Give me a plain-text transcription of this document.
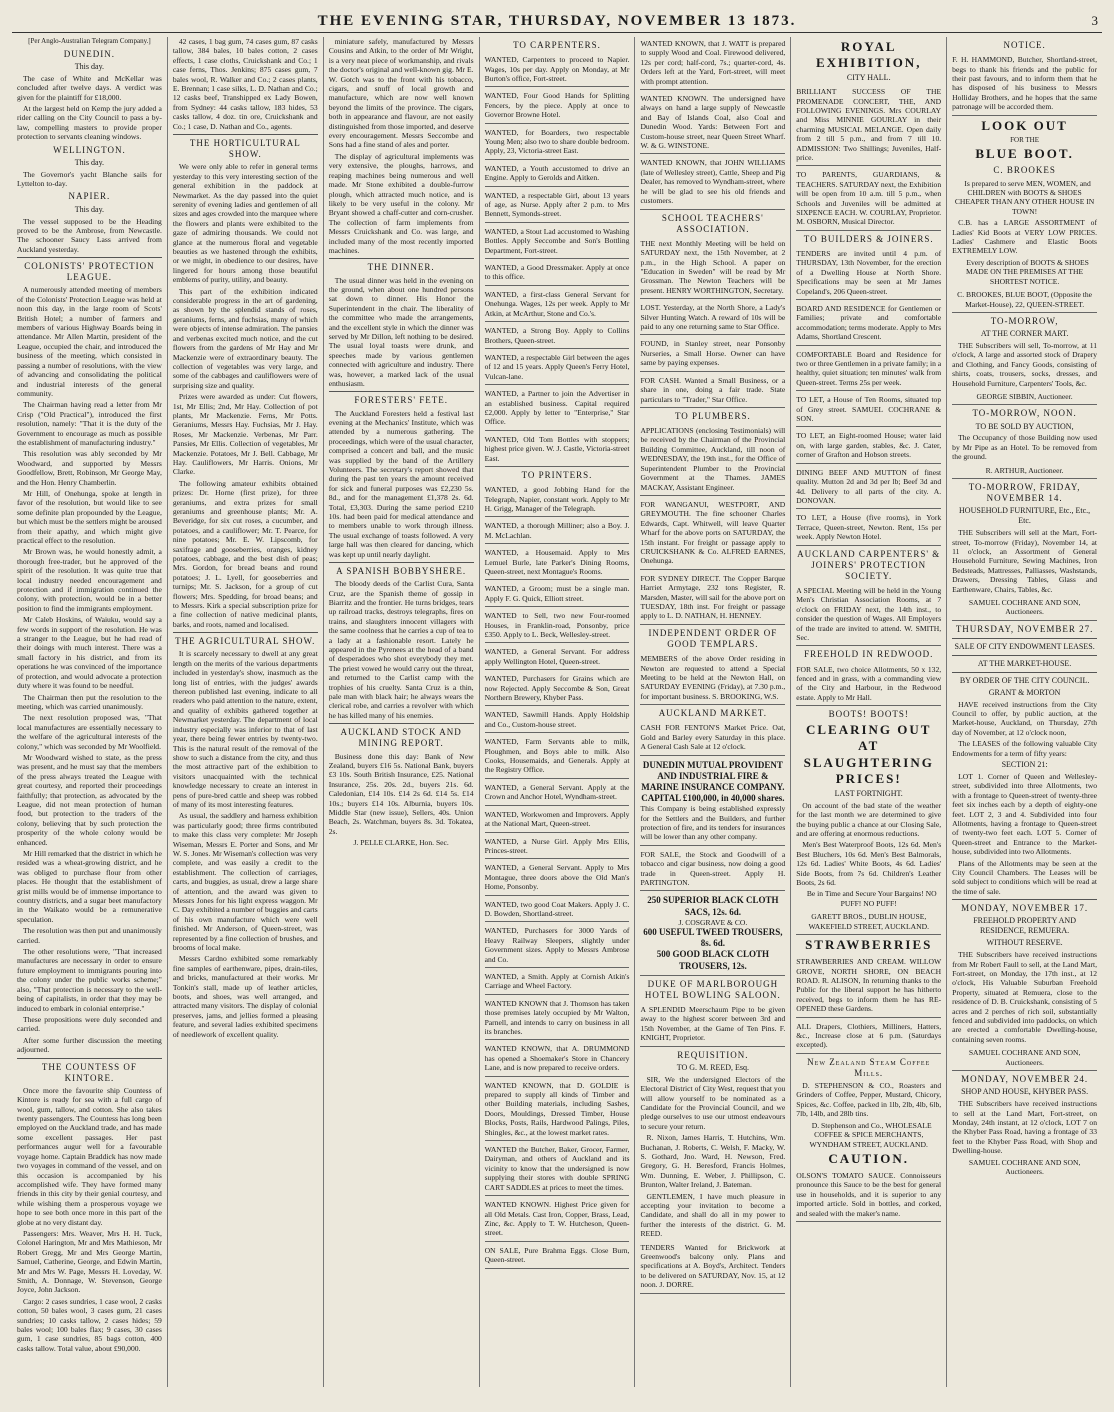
THE EVENING STAR, THURSDAY, NOVEMBER 13 1873.	3
[Per Anglo-Australian Telegram Company.]
DUNEDIN.
This day.

The case of White and McKellar was concluded after twelve days. A verdict was given for the plaintiff for £18,000.

At the largest held on Kemp the jury added a rider calling on the City Council to pass a by-law, compelling masters to provide proper protection to servants cleaning windows.

WELLINGTON.
This day.

The Governor's yacht Blanche sails for Lyttelton to-day.

NAPIER.
This day.

The vessel supposed to be the Heading proved to be the Ambrose, from Newcastle. The schooner Saucy Lass arrived from Auckland yesterday.

COLONISTS' PROTECTION LEAGUE.

A numerously attended meeting of members of the Colonists' Protection League was held at noon this day, in the large room of Scots' British Hotel; a number of farmers and members of various Highway Boards being in attendance. Mr Allen Martin, president of the League, occupied the chair, and introduced the business of the meeting, which consisted in passing a number of resolutions, with the view of advancing and consolidating the political and industrial interests of the general community.

The Chairman having read a letter from Mr Crisp ("Old Practical"), introduced the first resolution, namely: "That it is the duty of the Government to encourage as much as possible the establishment of manufacturing industry."

This resolution was ably seconded by Mr Woodward, and supported by Messrs Goodfellow, Brett, Robinson, Mr George May, and the Hon. Henry Chamberlin.

Mr Hill, of Onehunga, spoke at length in favor of the resolution, but would like to see some definite plan propounded by the League, but which must be the settlers might be aroused from their apathy, and which might give practical effect to the resolution.

Mr Brown was, he would honestly admit, a thorough free-trader, but he approved of the spirit of the resolution. It was quite true that local industry needed encouragement and protection and if immigration continued the colony, with protection, would be in a better position to find the immigrants employment.

Mr Caleb Hoskins, of Waiuku, would say a few words in support of the resolution. He was a stranger to the League, but he had read of their doings with much interest. There was a small factory in his district, and from its operations he was convinced of the importance of protection, and would advocate a protection duty where it was found to be needful.

The Chairman then put the resolution to the meeting, which was carried unanimously.

The next resolution proposed was, "That local manufactures are essentially necessary to the welfare of the agricultural interests of the colony," which was seconded by Mr Woolfield.

Mr Woodward wished to state, as the press was present, and he must say that the members of the press always treated the League with great courtesy, and reported their proceedings faithfully; that protection, as advocated by the League, did not mean protection of human food, but protection to the traders of the colony, believing that by such protection the prosperity of the whole colony would be enhanced.

Mr Hill remarked that the district in which he resided was a wheat-growing district, and he was obliged to purchase flour from other places. He thought that the establishment of grist mills would be of immense importance to country districts, and a sugar beet manufactory in the Waikato would be a remunerative speculation.

The resolution was then put and unanimously carried.

The other resolutions were, "That increased manufactures are necessary in order to ensure future employment to immigrants pouring into the colony under the public works scheme;" also, "That protection is necessary to the well-being of capitalists, in order that they may be induced to embark in colonial enterprise."

These propositions were duly seconded and carried.

After some further discussion the meeting adjourned.

THE COUNTESS OF KINTORE.

Once more the favourite ship Countess of Kintore is ready for sea with a full cargo of wool, gum, tallow, and cotton. She also takes twenty passengers. The Countess has long been employed on the Auckland trade, and has made some excellent passages. Her past performances augur well for a favourable voyage home. Captain Braddick has now made two voyages in command of the vessel, and on this occasion is accompanied by his accomplished wife. They have formed many friends in this city by their genial courtesy, and while wishing them a prosperous voyage we hope to see both once more in this part of the globe at no very distant day.

Passengers: Mrs. Weaver, Mrs H. H. Tuck, Colonel Harington, Mr and Mrs Mathieson, Mr Robert Gregg, Mr and Mrs George Martin, Samuel, Catherine, George, and Edwin Martin, Mr and Mrs W. Page, Messrs H. Loveday, W. Smith, A. Donnage, W. Stevenson, George Joyce, John Jackson.

Cargo: 2 cases sundries, 1 case wool, 2 casks cotton, 50 bales wool, 3 cases gum, 21 cases sundries; 10 casks tallow, 2 cases hides; 59 bales wool; 100 bales flax; 9 cases, 30 cases gum, 1 case sundries, 85 bags cotton, 400 casks tallow. Total value, about £90,000.

42 cases, 1 bag gum, 74 cases gum, 87 casks tallow, 384 bales, 10 bales cotton, 2 cases effects, 1 case cloths, Cruickshank and Co.; 1 case ferns, Thos. Jenkins; 875 cases gum, 7 bales wool, R. Walker and Co.; 2 cases plants, E. Brennan; 1 case silks, L. D. Nathan and Co.; 12 casks beef, Transhipped ex Lady Bowen, from Sydney: 44 casks tallow, 183 hides, 53 casks tallow, 4 doz. tin ore, Cruickshank and Co.; 1 case, D. Nathan and Co., agents.

THE HORTICULTURAL SHOW.

We were only able to refer in general terms yesterday to this very interesting section of the general exhibition in the paddock at Newmarket. As the day passed into the quiet serenity of evening ladies and gentlemen of all sizes and ages crowded into the marquee where the flowers and plants were exhibited to the gaze of admiring thousands. We could not glance at the numerous floral and vegetable beauties as we hastened through the exhibits, or we might, in obedience to our desires, have lingered for hours among those beautiful emblems of purity, utility, and beauty.

This part of the exhibition indicated considerable progress in the art of gardening, as shown by the splendid stands of roses, geraniums, ferns, and fuchsias, many of which were objects of intense admiration. The pansies and verbenas excited much notice, and the cut flowers from the gardens of Mr Hay and Mr Mackenzie were of extraordinary beauty. The collection of vegetables was very large, and some of the cabbages and cauliflowers were of surprising size and quality.

Prizes were awarded as under: Cut flowers, 1st, Mr Ellis; 2nd, Mr Hay. Collection of pot plants, Mr Mackenzie. Ferns, Mr Potts. Geraniums, Messrs Hay. Fuchsias, Mr J. Hay. Roses, Mr Mackenzie. Verbenas, Mr Parr. Pansies, Mr Ellis. Collection of vegetables, Mr Mackenzie. Potatoes, Mr J. Bell. Cabbage, Mr Hay. Cauliflowers, Mr Harris. Onions, Mr Clarke.

The following amateur exhibits obtained prizes: Dr. Horne (first prize), for three geraniums, and extra prizes for small geraniums and greenhouse plants; Mr. A. Beveridge, for six cut roses, a cucumber, and potatoes, and a cauliflower; Mr. T. Pearce, for nine potatoes; Mr. E. W. Lipscomb, for saxifrage and gooseberries, oranges, kidney potatoes, cabbage, and the best dish of peas; Mrs. Gordon, for bread beans and round potatoes; J. L. Lyell, for gooseberries and turnips; Mr. S. Jackson, for a group of cut flowers; Mrs. Spedding, for broad beans; and to Messrs. Kirk a special subscription prize for a fine collection of native medicinal plants, barks, and roots, named and localised.

THE AGRICULTURAL SHOW.

It is scarcely necessary to dwell at any great length on the merits of the various departments included in yesterday's show, inasmuch as the long list of entries, with the judges' awards thereon published last evening, indicate to all readers who paid attention to the nature, extent, and quality of exhibits gathered together at Newmarket yesterday. The department of local industry especially was inferior to that of last year, there being fewer entries by twenty-two. This is the natural result of the removal of the show to such a distance from the city, and thus the most attractive part of the exhibition to visitors unacquainted with the technical knowledge necessary to create an interest in pens of pure-bred cattle and sheep was robbed of many of its most interesting features.

As usual, the saddlery and harness exhibition was particularly good; three firms contributed to make this class very complete: Mr Joseph Wiseman, Messrs E. Porter and Sons, and Mr W. S. Jones. Mr Wiseman's collection was very complete, and was easily a credit to the establishment. The collection of carriages, carts, and buggies, as usual, drew a large share of attention, and the award was given to Messrs Jones for his light express waggon. Mr C. Day exhibited a number of buggies and carts of his own manufacture which were well finished. Mr Anderson, of Queen-street, was represented by a fine collection of brushes, and brooms of local make.

Messrs Cardno exhibited some remarkably fine samples of earthenware, pipes, drain-tiles, and bricks, manufactured at their works. Mr Tonkin's stall, made up of leather articles, boots, and shoes, was well arranged, and attracted many visitors. The display of colonial preserves, jams, and jellies formed a pleasing feature, and several ladies exhibited specimens of needlework of excellent quality.

miniature safely, manufactured by Messrs Cousins and Atkin, to the order of Mr Wright, is a very neat piece of workmanship, and rivals the doctor's original and well-known gig. Mr E. W. Gotch was to the front with his tobacco, cigars, and snuff of local growth and manufacture, which are now well known beyond the limits of the province. The cigars, both in appearance and flavour, are not easily distinguished from those imported, and deserve every encouragement. Messrs Seccombe and Sons had a fine stand of ales and porter.

The display of agricultural implements was very extensive, the ploughs, harrows, and reaping machines being numerous and well made. Mr Stone exhibited a double-furrow plough, which attracted much notice, and is likely to be very useful in the colony. Mr Bryant showed a chaff-cutter and corn-crusher. The collection of farm implements from Messrs Cruickshank and Co. was large, and included many of the most recently imported machines.

THE DINNER.

The usual dinner was held in the evening on the ground, when about one hundred persons sat down to dinner. His Honor the Superintendent in the chair. The liberality of the committee who made the arrangements, and the excellent style in which the dinner was served by Mr Dillon, left nothing to be desired. The usual loyal toasts were drunk, and speeches made by various gentlemen connected with agriculture and industry. There was, however, a marked lack of the usual enthusiasm.

FORESTERS' FETE.

The Auckland Foresters held a festival last evening at the Mechanics' Institute, which was attended by a numerous gathering. The proceedings, which were of the usual character, comprised a concert and ball, and the music was supplied by the band of the Artillery Volunteers. The secretary's report showed that during the past ten years the amount received for sick and funeral purposes was £2,230 5s. 8d., and for the management £1,378 2s. 6d. Total, £3,303. During the same period £210 10s. had been paid for medical attendance and to members unable to work through illness. The usual exchange of toasts followed. A very large hall was then cleared for dancing, which was kept up until nearly daylight.

A SPANISH BOBBYSHERE.

The bloody deeds of the Carlist Cura, Santa Cruz, are the Spanish theme of gossip in Biarritz and the frontier. He turns bridges, tears up railroad tracks, destroys telegraphs, fires on trains, and slaughters innocent villagers with the same coolness that he carries a cup of tea to a lady at a fashionable resort. Lately he appeared in the Pyrenees at the head of a band of desperadoes who shot everybody they met. The priest vowed he would carry out the threat, and returned to the Carlist camp with the trophies of his cruelty. Santa Cruz is a thin, pale man with black hair; he always wears the clerical robe, and carries a revolver with which he has killed many of his enemies.

AUCKLAND STOCK AND MINING REPORT.

Business done this day: Bank of New Zealand, buyers £16 5s. National Bank, buyers £3 10s. South British Insurance, £25. National Insurance, 25s. 20s. 2d., buyers 21s. 6d. Caledonian, £14 10s. £14 2s 6d. £14 5s. £14 10s.; buyers £14 10s. Alburnia, buyers 10s. Middle Star (new issue), Sellers, 40s. Union Beach, 2s. Watchman, buyers 8s. 3d. Tokatea, 2s.

J. PELLE CLARKE, Hon. Sec.
TO CARPENTERS.
WANTED, Carpenters to proceed to Napier. Wages, 10s per day. Apply on Monday, at Mr Burton's office, Fort-street.
WANTED, Four Good Hands for Splitting Fencers, by the piece. Apply at once to Governor Browne Hotel.
WANTED, for Boarders, two respectable Young Men; also two to share double bedroom. Apply, 23, Victoria-street East.
WANTED, a Youth accustomed to drive an Engine. Apply to Gerolds and Aitken.
WANTED, a respectable Girl, about 13 years of age, as Nurse. Apply after 2 p.m. to Mrs Bennett, Symonds-street.
WANTED, a Stout Lad accustomed to Washing Bottles. Apply Seccombe and Son's Bottling Department, Fort-street.
WANTED, a Good Dressmaker. Apply at once to this office.
WANTED, a first-class General Servant for Onehunga. Wages, 12s per week. Apply to Mr Atkin, at McArthur, Stone and Co.'s.
WANTED, a Strong Boy. Apply to Collins Brothers, Queen-street.
WANTED, a respectable Girl between the ages of 12 and 15 years. Apply Queen's Ferry Hotel, Vulcan-lane.
WANTED, a Partner to join the Advertiser in an established business. Capital required £2,000. Apply by letter to "Enterprise," Star Office.
WANTED, Old Tom Bottles with stoppers; highest price given. W. J. Castle, Victoria-street East.
TO PRINTERS.
WANTED, a good Jobbing Hand for the Telegraph, Napier, constant work. Apply to Mr H. Grigg, Manager of the Telegraph.
WANTED, a thorough Milliner; also a Boy. J. M. McLachlan.
WANTED, a Housemaid. Apply to Mrs Lemuel Burle, late Parker's Dining Rooms, Queen-street, next Montague's Rooms.
WANTED, a Groom; must be a single man. Apply F. G. Quick, Elliott street.
WANTED to Sell, two new Four-roomed Houses, in Franklin-road, Ponsonby, price £350. Apply to L. Beck, Wellesley-street.
WANTED, a General Servant. For address apply Wellington Hotel, Queen-street.
WANTED, Purchasers for Grains which are now Rejected. Apply Seccombe & Son, Great Northern Brewery, Khyber Pass.
WANTED, Sawmill Hands. Apply Holdship and Co., Custom-house street.
WANTED, Farm Servants able to milk, Ploughmen, and Boys able to milk. Also Cooks, Housemaids, and Generals. Apply at the Registry Office.
WANTED, a General Servant. Apply at the Crown and Anchor Hotel, Wyndham-street.
WANTED, Workwomen and Improvers. Apply at the National Mart, Queen-street.
WANTED, a Nurse Girl. Apply Mrs Ellis, Princes-street.
WANTED, a General Servant. Apply to Mrs Montague, three doors above the Old Man's Home, Ponsonby.
WANTED, two good Coat Makers. Apply J. C. D. Bowden, Shortland-street.
WANTED, Purchasers for 3000 Yards of Heavy Railway Sleepers, slightly under Government sizes. Apply to Messrs Ambrose and Co.
WANTED, a Smith. Apply at Cornish Atkin's Carriage and Wheel Factory.
WANTED KNOWN that J. Thomson has taken those premises lately occupied by Mr Walton, Parnell, and intends to carry on business in all its branches.
WANTED KNOWN, that A. DRUMMOND has opened a Shoemaker's Store in Chancery Lane, and is now prepared to receive orders.
WANTED KNOWN, that D. GOLDIE is prepared to supply all kinds of Timber and other Building materials, including Sashes, Doors, Mouldings, Dressed Timber, House Blocks, Posts, Rails, Hardwood Palings, Piles, Shingles, &c., at the lowest market rates.
WANTED the Butcher, Baker, Grocer, Farmer, Dairyman, and others of Auckland and its vicinity to know that the undersigned is now supplying their stores with double SPRING CART SADDLES at prices to meet the times.
WANTED KNOWN. Highest Price given for all Old Metals. Cast Iron, Copper, Brass, Lead, Zinc, &c. Apply to T. W. Hutcheson, Queen-street.
ON SALE, Pure Brahma Eggs. Close Burn, Queen-street.
WANTED KNOWN, that J. WATT is prepared to supply Wood and Coal. Firewood delivered, 12s per cord; half-cord, 7s.; quarter-cord, 4s. Orders left at the Yard, Fort-street, will meet with prompt attention.
WANTED KNOWN. The undersigned have always on hand a large supply of Newcastle and Bay of Islands Coal, also Coal and Dunedin Wood. Yards: Between Fort and Custom-house street, near Queen Street Wharf. W. & G. WINSTONE.
WANTED KNOWN, that JOHN WILLIAMS (late of Wellesley street), Cattle, Sheep and Pig Dealer, has removed to Wyndham-street, where he will be glad to see his old friends and customers.
SCHOOL TEACHERS' ASSOCIATION.
THE next Monthly Meeting will be held on SATURDAY next, the 15th November, at 2 p.m., in the High School. A paper on "Education in Sweden" will be read by Mr Grossman. The Newton Teachers will be present. HENRY WORTHINGTON, Secretary.
LOST. Yesterday, at the North Shore, a Lady's Silver Hunting Watch. A reward of 10s will be paid to any one returning same to Star Office.
FOUND, in Stanley street, near Ponsonby Nurseries, a Small Horse. Owner can have same by paying expenses.
FOR CASH. Wanted a Small Business, or a share in one, doing a fair trade. State particulars to "Trader," Star Office.
TO PLUMBERS.
APPLICATIONS (enclosing Testimonials) will be received by the Chairman of the Provincial Building Committee, Auckland, till noon of WEDNESDAY, the 19th inst., for the Office of Superintendent Plumber to the Provincial Government at the Thames. JAMES MACKAY, Assistant Engineer.
FOR WANGANUI, WESTPORT, AND GREYMOUTH. The fine schooner Charles Edwards, Capt. Whitwell, will leave Quarter Wharf for the above ports on SATURDAY, the 15th instant. For freight or passage apply to CRUICKSHANK & Co. ALFRED EARNES, Onehunga.
FOR SYDNEY DIRECT. The Copper Barque Harriet Armytage, 232 tons Register, R. Marsden, Master, will sail for the above port on TUESDAY, 18th inst. For freight or passage apply to L. D. NATHAN, H. HENNEY.
INDEPENDENT ORDER OF GOOD TEMPLARS.
MEMBERS of the above Order residing in Newton are requested to attend a Special Meeting to be held at the Newton Hall, on SATURDAY EVENING (Friday), at 7.30 p.m., for important business. S. BROOKING, W.S.
AUCKLAND MARKET.
CASH FOR FENTON'S Market Price. Oat, Gold and Barley every Saturday in this place. A General Cash Sale at 12 o'clock.
DUNEDIN MUTUAL PROVIDENT AND INDUSTRIAL FIRE & MARINE INSURANCE COMPANY. CAPITAL £100,000, in 40,000 shares.
This Company is being established expressly for the Settlers and the Builders, and further protection of fire, and its tenders for insurances will be lower than any other company.
FOR SALE, the Stock and Goodwill of a tobacco and cigar business, now doing a good trade in Queen-street. Apply H. PARTINGTON.
250 SUPERIOR BLACK CLOTH SACS, 12s. 6d.
J. COSGRAVE & CO.
600 USEFUL TWEED TROUSERS, 8s. 6d.
500 GOOD BLACK CLOTH TROUSERS, 12s.
DUKE OF MARLBOROUGH HOTEL BOWLING SALOON.
A SPLENDID Meerschaum Pipe to be given away to the highest scorer between 3rd and 15th November, at the Game of Ten Pins. F. KNIGHT, Proprietor.
REQUISITION.
TO G. M. REED, Esq.

SIR, We the undersigned Electors of the Electoral District of City West, request that you will allow yourself to be nominated as a Candidate for the Provincial Council, and we pledge ourselves to use our utmost endeavours to secure your return.

R. Nixon, James Harris, T. Hutchins, Wm. Buchanan, J. Roberts, C. Welsh, F. Macky, W. S. Gothard, Jno. Ward, H. Newson, Fred. Gregory, G. H. Beresford, Francis Holmes, Wm. Dunning, E. Weber, J. Phillipson, C. Brunton, Walter Ireland, J. Bateman.

GENTLEMEN, I have much pleasure in accepting your invitation to become a Candidate, and shall do all in my power to further the interests of the district. G. M. REED.

TENDERS Wanted for Brickwork at Greenwood's balcony only. Plans and specifications at A. Boyd's, Architect. Tenders to be delivered on SATURDAY, Nov. 15, at 12 noon. J. DORRE.
ROYAL EXHIBITION,
CITY HALL.
BRILLIANT SUCCESS OF THE PROMENADE CONCERT, THE, AND FOLLOWING EVENINGS. Mrs COURLAY and Miss MINNIE GOURLAY in their charming MUSICAL MELANGE. Open daily from 2 till 5 p.m., and from 7 till 10. ADMISSION: Two Shillings; Juveniles, Half-price.
TO PARENTS, GUARDIANS, & TEACHERS. SATURDAY next, the Exhibition will be open from 10 a.m. till 5 p.m., when Schools and Juveniles will be admitted at SIXPENCE EACH. W. COURLAY, Proprietor. M. OSBORN, Musical Director.
TO BUILDERS & JOINERS.
TENDERS are invited until 4 p.m. of THURSDAY, 13th November, for the erection of a Dwelling House at North Shore. Specifications may be seen at Mr James Copeland's, 206 Queen-street.
BOARD AND RESIDENCE for Gentlemen or Families; private and comfortable accommodation; terms moderate. Apply to Mrs Adams, Shortland Crescent.
COMFORTABLE Board and Residence for two or three Gentlemen in a private family; in a healthy, quiet situation; ten minutes' walk from Queen-street. Terms 25s per week.
TO LET, a House of Ten Rooms, situated top of Grey street. SAMUEL COCHRANE & SON.
TO LET, an Eight-roomed House; water laid on, with large garden, stables, &c. J. Cater, corner of Grafton and Hobson streets.
DINING BEEF AND MUTTON of finest quality. Mutton 2d and 3d per lb; Beef 3d and 4d. Delivery to all parts of the city. A. DONOVAN.
TO LET, a House (five rooms), in York Terrace, Queen-street, Newton. Rent, 15s per week. Apply Newton Hotel.
AUCKLAND CARPENTERS' & JOINERS' PROTECTION SOCIETY.
A SPECIAL Meeting will be held in the Young Men's Christian Association Rooms, at 7 o'clock on FRIDAY next, the 14th inst., to consider the question of Wages. All Employers of the trade are invited to attend. W. SMITH, Sec.
FREEHOLD IN REDWOOD.
FOR SALE, two choice Allotments, 50 x 132, fenced and in grass, with a commanding view of the City and Harbour, in the Redwood estate. Apply to Mr Hall.
BOOTS! BOOTS!
CLEARING OUT AT SLAUGHTERING PRICES!
LAST FORTNIGHT.

On account of the bad state of the weather for the last month we are determined to give the buying public a chance at our Closing Sale, and are offering at enormous reductions.

Men's Best Waterproof Boots, 12s 6d. Men's Best Bluchers, 10s 6d. Men's Best Balmorals, 12s 6d. Ladies' White Boots, 4s 6d. Ladies' Side Boots, from 7s 6d. Children's Leather Boots, 2s 6d.

Be in Time and Secure Your Bargains! NO PUFF! NO PUFF!

GARETT BROS., DUBLIN HOUSE, WAKEFIELD STREET, AUCKLAND.
STRAWBERRIES
STRAWBERRIES AND CREAM. WILLOW GROVE, NORTH SHORE, ON BEACH ROAD. R. ALISON, In returning thanks to the Public for the liberal support he has hitherto received, begs to inform them he has RE-OPENED these Gardens.
ALL Drapers, Clothiers, Milliners, Hatters, &c., Increase close at 6 p.m. (Saturdays excepted).
New Zealand Steam Coffee Mills.

D. STEPHENSON & CO., Roasters and Grinders of Coffee, Pepper, Mustard, Chicory, Spices, &c. Coffee, packed in 1lb, 2lb, 4lb, 6lb, 7lb, 14lb, and 28lb tins.

D. Stephenson and Co., WHOLESALE COFFEE & SPICE MERCHANTS, WYNDHAM STREET, AUCKLAND.

CAUTION.
OLSON'S TOMATO SAUCE. Connoisseurs pronounce this Sauce to be the best for general use in households, and it is superior to any imported article. Sold in bottles, and corked, and sealed with the maker's name.
NOTICE.
F. H. HAMMOND, Butcher, Shortland-street, begs to thank his friends and the public for their past favours, and to inform them that he has disposed of his business to Messrs Holliday Brothers, and he hopes that the same patronage will be accorded them.
LOOK OUT
FOR THE
BLUE BOOT.
C. BROOKES

Is prepared to serve MEN, WOMEN, and CHILDREN with BOOTS & SHOES CHEAPER THAN ANY OTHER HOUSE IN TOWN!

C.B. has a LARGE ASSORTMENT of Ladies' Kid Boots at VERY LOW PRICES. Ladies' Cashmere and Elastic Boots EXTREMELY LOW.

Every description of BOOTS & SHOES MADE ON THE PREMISES AT THE SHORTEST NOTICE.

C. BROOKES, BLUE BOOT, (Opposite the Market-House), 22, QUEEN-STREET.
TO-MORROW,
AT THE CORNER MART.

THE Subscribers will sell, To-morrow, at 11 o'clock, A large and assorted stock of Drapery and Clothing, and Fancy Goods, consisting of shirts, coats, trousers, socks, dresses, and Household Furniture, Carpenters' Tools, &c.

GEORGE SIBBIN, Auctioneer.
TO-MORROW, NOON.
TO BE SOLD BY AUCTION,

The Occupancy of those Building now used by Mr Pipe as an Hotel. To be removed from the ground.

R. ARTHUR, Auctioneer.
TO-MORROW, FRIDAY, NOVEMBER 14.
HOUSEHOLD FURNITURE, Etc., Etc., Etc.

THE Subscribers will sell at the Mart, Fort-street, To-morrow (Friday), November 14, at 11 o'clock, an Assortment of General Household Furniture, Sewing Machines, Iron Bedsteads, Mattresses, Palliasses, Washstands, Drawers, Dressing Tables, Glass and Earthenware, Chairs, Tables, &c.

SAMUEL COCHRANE AND SON, Auctioneers.
THURSDAY, NOVEMBER 27.
SALE OF CITY ENDOWMENT LEASES.
AT THE MARKET-HOUSE.
BY ORDER OF THE CITY COUNCIL.
GRANT & MORTON

HAVE received instructions from the City Council to offer, by public auction, at the Market-house, Auckland, on Thursday, 27th day of November, at 12 o'clock noon,

The LEASES of the following valuable City Endowments for a term of fifty years:

SECTION 21:

LOT 1. Corner of Queen and Wellesley-street, subdivided into three Allotments, two with a frontage to Queen-street of twenty-three feet six inches each by a depth of eighty-one feet. LOT 2, 3 and 4. Subdivided into four Allotments, having a frontage to Queen-street of twenty-two feet each. LOT 5. Corner of Queen-street and Entrance to the Market-house, subdivided into two Allotments.

Plans of the Allotments may be seen at the City Council Chambers. The Leases will be sold subject to conditions which will be read at the time of sale.

MONDAY, NOVEMBER 17.
FREEHOLD PROPERTY AND RESIDENCE, REMUERA.
WITHOUT RESERVE.

THE Subscribers have received instructions from Mr Robert Faull to sell, at the Land Mart, Fort-street, on Monday, the 17th inst., at 12 o'clock, His Valuable Suburban Freehold Property, situated at Remuera, close to the residence of D. B. Cruickshank, consisting of 5 acres and 2 perches of rich soil, substantially fenced and subdivided into paddocks, on which are erected a comfortable Dwelling-house, containing seven rooms.

SAMUEL COCHRANE AND SON, Auctioneers.
MONDAY, NOVEMBER 24.
SHOP AND HOUSE, KHYBER PASS.

THE Subscribers have received instructions to sell at the Land Mart, Fort-street, on Monday, 24th instant, at 12 o'clock, LOT 7 on the Khyber Pass Road, having a frontage of 33 feet to the Khyber Pass Road, with Shop and Dwelling-house.

SAMUEL COCHRANE AND SON, Auctioneers.
